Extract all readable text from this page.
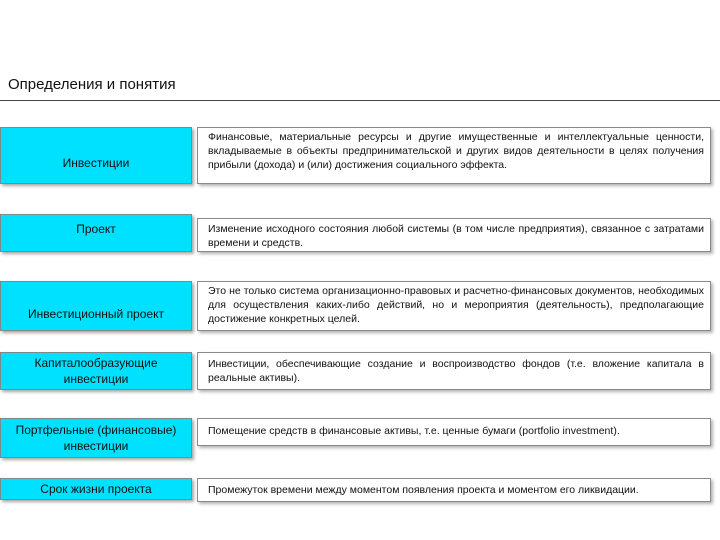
Определения и понятия
Инвестиции
Финансовые, материальные ресурсы и другие имущественные и интеллектуальные ценности, вкладываемые в объекты предпринимательской и других видов деятельности в целях получения прибыли (дохода) и (или) достижения социального эффекта.
Проект	Изменение исходного состояния любой системы (в том числе предприятия), связанное с затратами времени и средств.
Инвестиционный проект
Это не только система организационно-правовых и расчетно-финансовых документов, необходимых для осуществления каких-либо действий, но и мероприятия (деятельность), предполагающие достижение конкретных целей.
Капиталообразующие инвестиции
Инвестиции, обеспечивающие создание и воспроизводство фондов (т.е. вложение капитала в реальные активы).
Портфельные (финансовые) инвестиции
Помещение средств в финансовые активы, т.е. ценные бумаги (portfolio investment).
Срок жизни проекта	Промежуток времени между моментом появления проекта и моментом его ликвидации.
